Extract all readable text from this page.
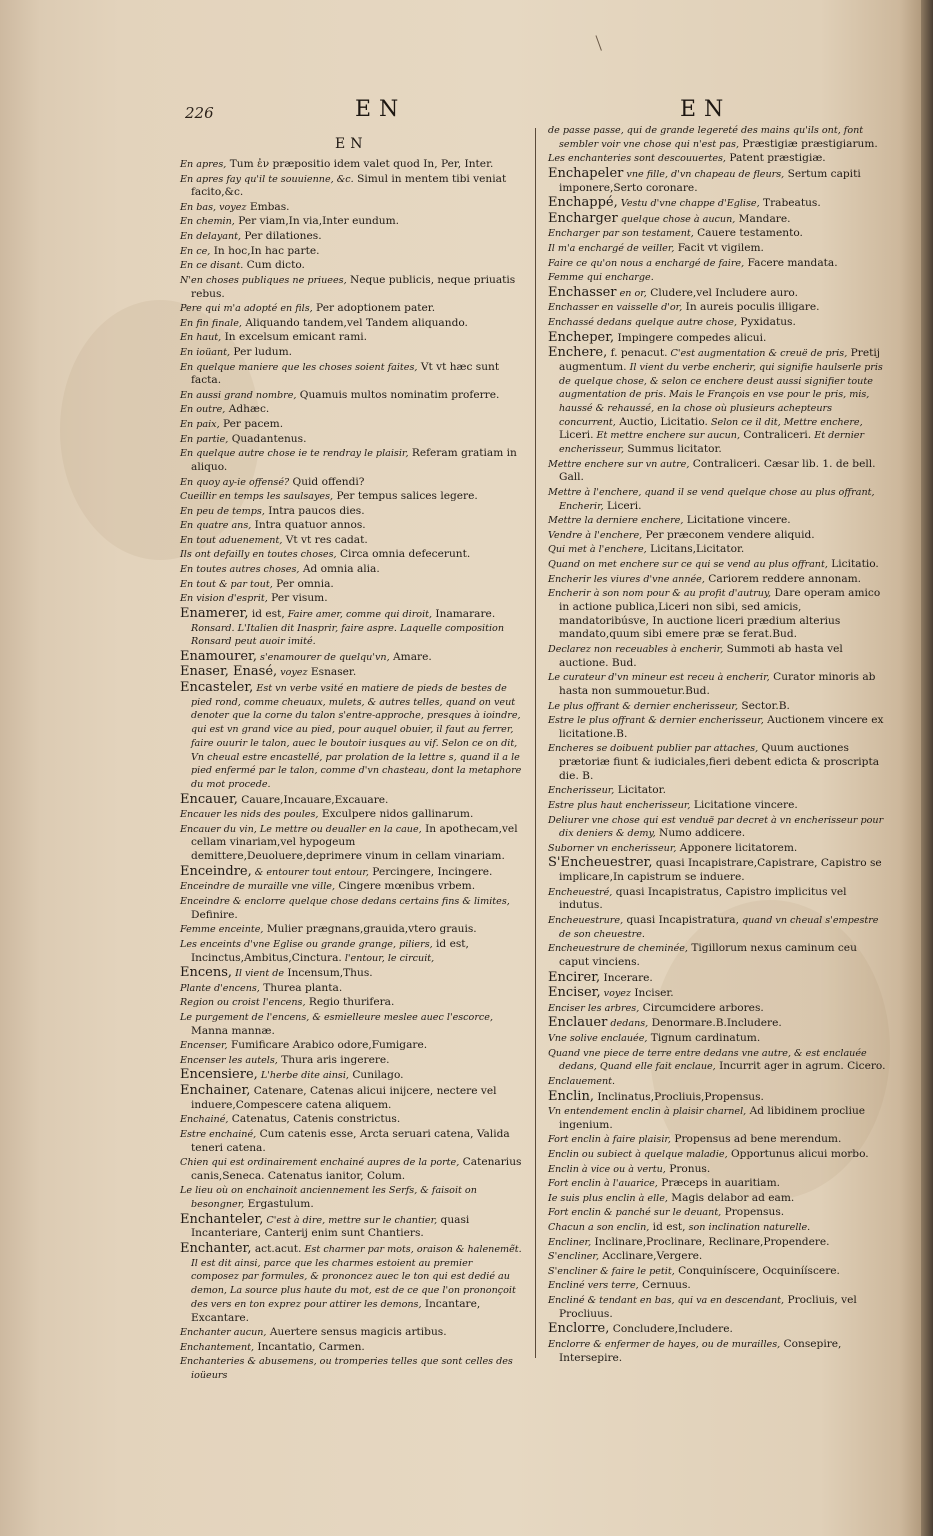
226	EN	EN
EN
En apres, Tum ἐν præpositio idem valet quod In, Per, Inter.
En apres fay qu'il te souuienne, &c. Simul in mentem tibi veniat facito,&c.
En bas, voyez Embas.
En chemin, Per viam,In via,Inter eundum.
En delayant, Per dilationes.
En ce, In hoc,In hac parte.
En ce disant. Cum dicto.
N'en choses publiques ne priuees, Neque publicis, neque priuatis rebus.
Pere qui m'a adopté en fils, Per adoptionem pater.
En fin finale, Aliquando tandem,vel Tandem aliquando.
En haut, In excelsum emicant rami.
En ioüant, Per ludum.
En quelque maniere que les choses soient faites, Vt vt hæc sunt facta.
En aussi grand nombre, Quamuis multos nominatim proferre.
En outre, Adhæc.
En paix, Per pacem.
En partie, Quadantenus.
En quelque autre chose ie te rendray le plaisir, Referam gratiam in aliquo.
En quoy ay-ie offensé? Quid offendi?
Cueillir en temps les saulsayes, Per tempus salices legere.
En peu de temps, Intra paucos dies.
En quatre ans, Intra quatuor annos.
En tout aduenement, Vt vt res cadat.
Ils ont defailly en toutes choses, Circa omnia defecerunt.
En toutes autres choses, Ad omnia alia.
En tout & par tout, Per omnia.
En vision d'esprit, Per visum.
Enamerer, id est, Faire amer, comme qui diroit, Inamarare. Ronsard. L'Italien dit Inasprir, faire aspre. Laquelle composition Ronsard peut auoir imité.
Enamourer, s'enamourer de quelqu'vn, Amare.
Enaser, Enasé, voyez Esnaser.
Encasteler, Est vn verbe vsité en matiere de pieds de bestes de pied rond, comme cheuaux, mulets, & autres telles, quand on veut denoter que la corne du talon s'entre-approche, presques à ioindre, qui est vn grand vice au pied, pour auquel obuier, il faut au ferrer, faire ouurir le talon, auec le boutoir iusques au vif. Selon ce on dit, Vn cheual estre encastellé, par prolation de la lettre s, quand il a le pied enfermé par le talon, comme d'vn chasteau, dont la metaphore du mot procede.
Encauer, Cauare,Incauare,Excauare.
Encauer les nids des poules, Exculpere nidos gallinarum.
Encauer du vin, Le mettre ou deualler en la caue, In apothecam,vel cellam vinariam,vel hypogeum demittere,Deuoluere,deprimere vinum in cellam vinariam.
Enceindre, & entourer tout entour, Percingere, Incingere.
Enceindre de muraille vne ville, Cingere mœnibus vrbem.
Enceindre & enclorre quelque chose dedans certains fins & limites, Definire.
Femme enceinte, Mulier prægnans,grauida,vtero grauis.
Les enceints d'vne Eglise ou grande grange, piliers, id est, Incinctus,Ambitus,Cinctura. l'entour, le circuit,
Encens, Il vient de Incensum,Thus.
Plante d'encens, Thurea planta.
Region ou croist l'encens, Regio thurifera.
Le purgement de l'encens, & esmielleure meslee auec l'escorce, Manna mannæ.
Encenser, Fumificare Arabico odore,Fumigare.
Encenser les autels, Thura aris ingerere.
Encensiere, L'herbe dite ainsi, Cunilago.
Enchainer, Catenare, Catenas alicui inijcere, nectere vel induere,Compescere catena aliquem.
Enchainé, Catenatus, Catenis constrictus.
Estre enchainé, Cum catenis esse, Arcta seruari catena, Valida teneri catena.
Chien qui est ordinairement enchainé aupres de la porte, Catenarius canis,Seneca. Catenatus ianitor, Colum.
Le lieu où on enchainoit anciennement les Serfs, & faisoit on besongner, Ergastulum.
Enchanteler, C'est à dire, mettre sur le chantier, quasi Incanteriare, Canterij enim sunt Chantiers.
Enchanter, act.acut. Est charmer par mots, oraison & halenemẽt. Il est dit ainsi, parce que les charmes estoient au premier composez par formules, & prononcez auec le ton qui est dedié au demon, La source plus haute du mot, est de ce que l'on prononçoit des vers en ton exprez pour attirer les demons, Incantare, Excantare.
Enchanter aucun, Auertere sensus magicis artibus.
Enchantement, Incantatio, Carmen.
Enchanteries & abusemens, ou tromperies telles que sont celles des ioüeurs
de passe passe, qui de grande legereté des mains qu'ils ont, font sembler voir vne chose qui n'est pas, Præstigiæ præstigiarum.
Les enchanteries sont descouuertes, Patent præstigiæ.
Enchapeler vne fille, d'vn chapeau de fleurs, Sertum capiti imponere,Serto coronare.
Enchappé, Vestu d'vne chappe d'Eglise, Trabeatus.
Encharger quelque chose à aucun, Mandare.
Encharger par son testament, Cauere testamento.
Il m'a enchargé de veiller, Facit vt vigilem.
Faire ce qu'on nous a enchargé de faire, Facere mandata.
Femme qui encharge.
Enchasser en or, Cludere,vel Includere auro.
Enchasser en vaisselle d'or, In aureis poculis illigare.
Enchassé dedans quelque autre chose, Pyxidatus.
Encheper, Impingere compedes alicui.
Enchere, f. penacut. C'est augmentation & creuë de pris, Pretij augmentum. Il vient du verbe encherir, qui signifie haulserle pris de quelque chose, & selon ce enchere deust aussi signifier toute augmentation de pris. Mais le François en vse pour le pris, mis, haussé & rehaussé, en la chose où plusieurs achepteurs concurrent, Auctio, Licitatio. Selon ce il dit, Mettre enchere, Liceri. Et mettre enchere sur aucun, Contraliceri. Et dernier encherisseur, Summus licitator.
Mettre enchere sur vn autre, Contraliceri. Cæsar lib. 1. de bell. Gall.
Mettre à l'enchere, quand il se vend quelque chose au plus offrant, Encherir, Liceri.
Mettre la derniere enchere, Licitatione vincere.
Vendre à l'enchere, Per præconem vendere aliquid.
Qui met à l'enchere, Licitans,Licitator.
Quand on met enchere sur ce qui se vend au plus offrant, Licitatio.
Encherir les viures d'vne année, Cariorem reddere annonam.
Encherir à son nom pour & au profit d'autruy, Dare operam amico in actione publica,Liceri non sibi, sed amicis, mandatoribúsve, In auctione liceri prædium alterius mandato,quum sibi emere præ se ferat.Bud.
Declarez non receuables à encherir, Summoti ab hasta vel auctione. Bud.
Le curateur d'vn mineur est receu à encherir, Curator minoris ab hasta non summouetur.Bud.
Le plus offrant & dernier encherisseur, Sector.B.
Estre le plus offrant & dernier encherisseur, Auctionem vincere ex licitatione.B.
Encheres se doibuent publier par attaches, Quum auctiones prætoriæ fiunt & iudiciales,fieri debent edicta & proscripta die. B.
Encherisseur, Licitator.
Estre plus haut encherisseur, Licitatione vincere.
Deliurer vne chose qui est venduë par decret à vn encherisseur pour dix deniers & demy, Numo addicere.
Suborner vn encherisseur, Apponere licitatorem.
S'Encheuestrer, quasi Incapistrare,Capistrare, Capistro se implicare,In capistrum se induere.
Encheuestré, quasi Incapistratus, Capistro implicitus vel indutus.
Encheuestrure, quasi Incapistratura, quand vn cheual s'empestre de son cheuestre.
Encheuestrure de cheminée, Tigillorum nexus caminum ceu caput vinciens.
Encirer, Incerare.
Enciser, voyez Inciser.
Enciser les arbres, Circumcidere arbores.
Enclauer dedans, Denormare.B.Includere.
Vne solive enclauée, Tignum cardinatum.
Quand vne piece de terre entre dedans vne autre, & est enclauée dedans, Quand elle fait enclaue, Incurrit ager in agrum. Cicero.
Enclauement.
Enclin, Inclinatus,Procliuis,Propensus.
Vn entendement enclin à plaisir charnel, Ad libidinem procliue ingenium.
Fort enclin à faire plaisir, Propensus ad bene merendum.
Enclin ou subiect à quelque maladie, Opportunus alicui morbo.
Enclin à vice ou à vertu, Pronus.
Fort enclin à l'auarice, Præceps in auaritiam.
Ie suis plus enclin à elle, Magis delabor ad eam.
Fort enclin & panché sur le deuant, Propensus.
Chacun a son enclin, id est, son inclination naturelle.
Encliner, Inclinare,Proclinare, Reclinare,Propendere.
S'encliner, Acclinare,Vergere.
S'encliner & faire le petit, Conquiníscere, Ocquinííscere.
Encliné vers terre, Cernuus.
Encliné & tendant en bas, qui va en descendant, Procliuis, vel Procliuus.
Enclorre, Concludere,Includere.
Enclorre & enfermer de hayes, ou de murailles, Consepire, Intersepire.
